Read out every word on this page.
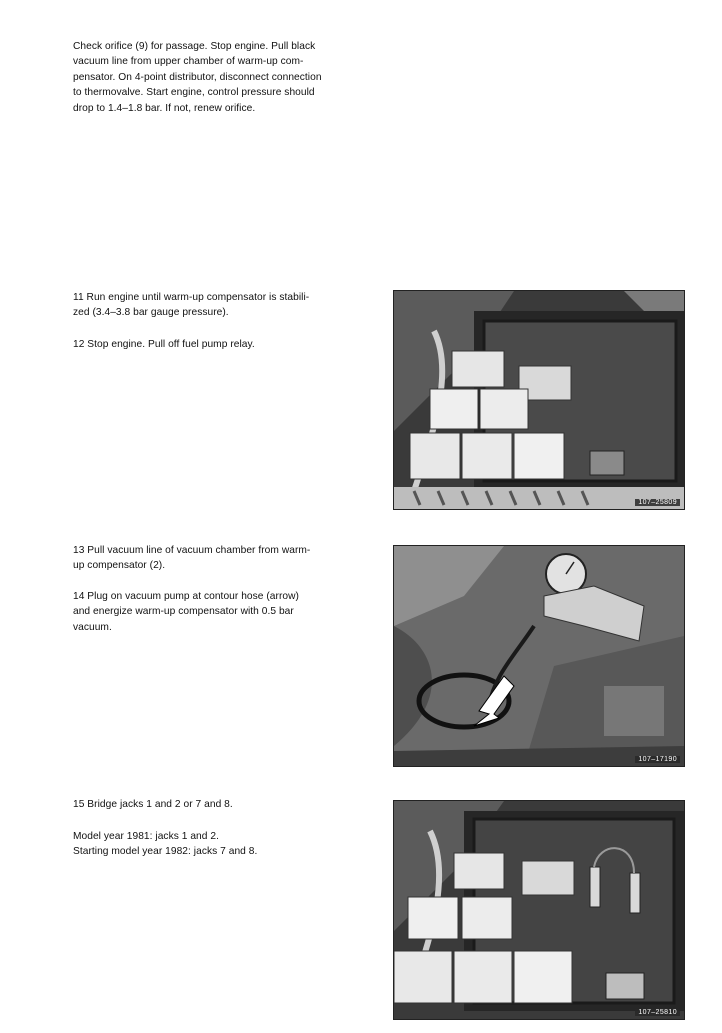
Check orifice (9) for passage. Stop engine. Pull black
vacuum line from upper chamber of warm-up com-
pensator. On 4-point distributor, disconnect connection
to thermovalve. Start engine, control pressure should
drop to 1.4–1.8 bar. If not, renew orifice.

11 Run engine until warm-up compensator is stabili-
zed (3.4–3.8 bar gauge pressure).

12 Stop engine. Pull off fuel pump relay.

13 Pull vacuum line of vacuum chamber from warm-
up compensator (2).

14 Plug on vacuum pump at contour hose (arrow)
and energize warm-up compensator with 0.5 bar
vacuum.

15 Bridge jacks 1 and 2 or 7 and 8.

Model year 1981: jacks 1 and 2.
Starting model year 1982: jacks 7 and 8.

107–25809
107–17190
107–25810
